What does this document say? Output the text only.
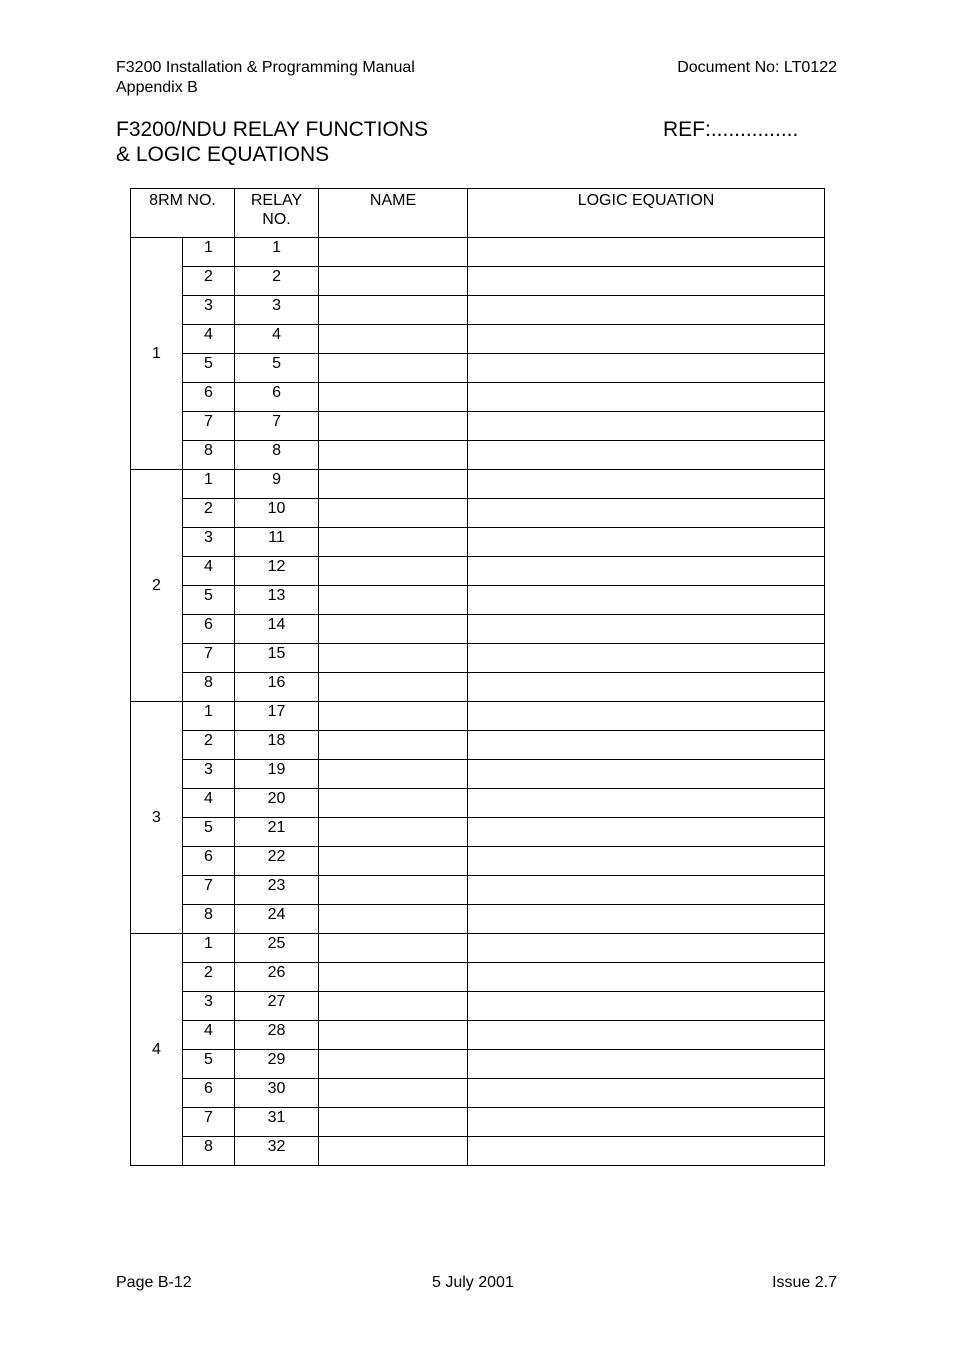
F3200 Installation & Programming Manual
Appendix B
Document No: LT0122
F3200/NDU RELAY FUNCTIONS
& LOGIC EQUATIONS
REF:...............
8RM NO.		RELAY NO.	NAME	LOGIC EQUATION
1	1	1		
	2	2		
	3	3		
	4	4		
	5	5		
	6	6		
	7	7		
	8	8		
2	1	9		
	2	10		
	3	11		
	4	12		
	5	13		
	6	14		
	7	15		
	8	16		
3	1	17		
	2	18		
	3	19		
	4	20		
	5	21		
	6	22		
	7	23		
	8	24		
4	1	25		
	2	26		
	3	27		
	4	28		
	5	29		
	6	30		
	7	31		
	8	32		
Page B-12	5 July 2001	Issue 2.7
